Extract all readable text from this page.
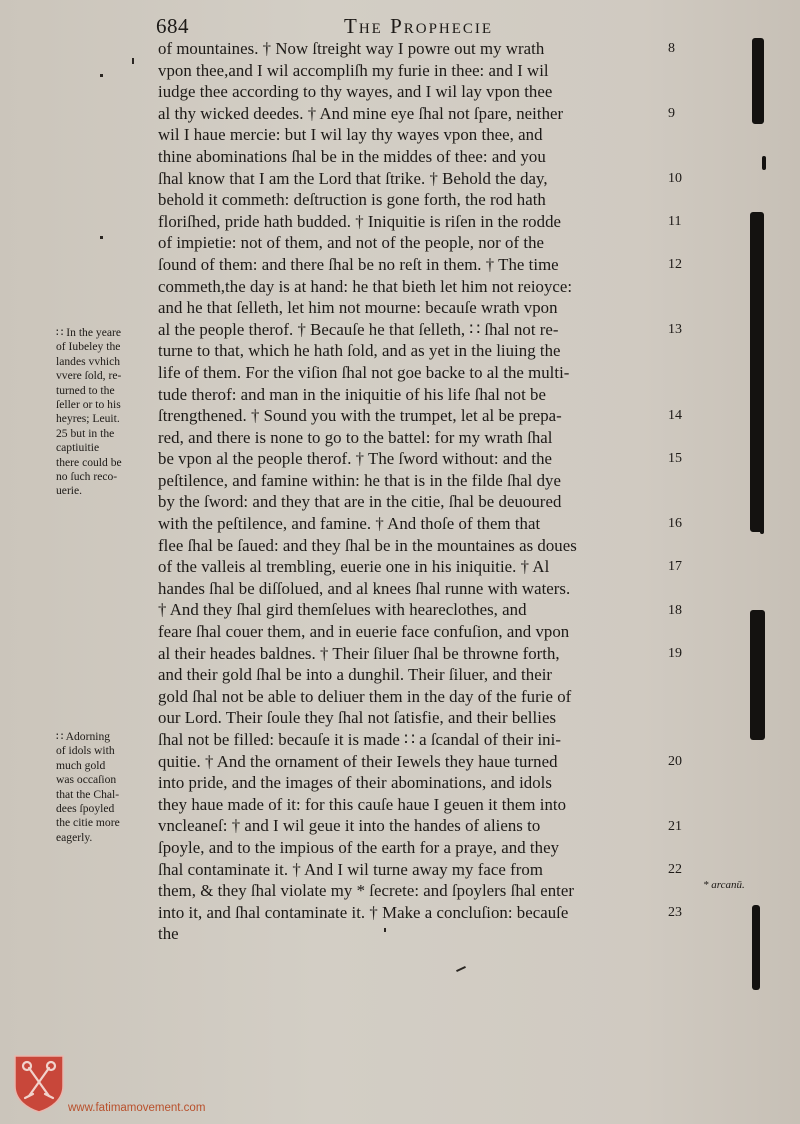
684	The Prophecie
of mountaines. † Now ſtreight way I powre out my wrath
vpon thee,and I wil accompliſh my furie in thee: and I wil
iudge thee according to thy wayes, and I wil lay vpon thee
al thy wicked deedes. † And mine eye ſhal not ſpare, neither
wil I haue mercie: but I wil lay thy wayes vpon thee, and
thine abominations ſhal be in the middes of thee: and you
ſhal know that I am the Lord that ſtrike. † Behold the day,
behold it commeth: deſtruction is gone forth, the rod hath
floriſhed, pride hath budded. † Iniquitie is riſen in the rodde
of impietie: not of them, and not of the people, nor of the
ſound of them: and there ſhal be no reſt in them. † The time
commeth,the day is at hand: he that bieth let him not reioyce:
and he that ſelleth, let him not mourne: becauſe wrath vpon
al the people therof. † Becauſe he that ſelleth, ∷ ſhal not re-
turne to that, which he hath ſold, and as yet in the liuing the
life of them. For the viſion ſhal not goe backe to al the multi-
tude therof: and man in the iniquitie of his life ſhal not be
ſtrengthened. † Sound you with the trumpet, let al be prepa-
red, and there is none to go to the battel: for my wrath ſhal
be vpon al the people therof. † The ſword without: and the
peſtilence, and famine within: he that is in the filde ſhal dye
by the ſword: and they that are in the citie, ſhal be deuoured
with the peſtilence, and famine. † And thoſe of them that
flee ſhal be ſaued: and they ſhal be in the mountaines as doues
of the valleis al trembling, euerie one in his iniquitie. † Al
handes ſhal be diſſolued, and al knees ſhal runne with waters.
† And they ſhal gird themſelues with heareclothes, and
feare ſhal couer them, and in euerie face confuſion, and vpon
al their heades baldnes. † Their ſiluer ſhal be throwne forth,
and their gold ſhal be into a dunghil. Their ſiluer, and their
gold ſhal not be able to deliuer them in the day of the furie of
our Lord. Their ſoule they ſhal not ſatisfie, and their bellies
ſhal not be filled: becauſe it is made ∷ a ſcandal of their ini-
quitie. † And the ornament of their Iewels they haue turned
into pride, and the images of their abominations, and idols
they haue made of it: for this cauſe haue I geuen it them into
vncleaneſ: † and I wil geue it into the handes of aliens to
ſpoyle, and to the impious of the earth for a praye, and they
ſhal contaminate it. † And I wil turne away my face from
them, & they ſhal violate my * ſecrete: and ſpoylers ſhal enter
into it, and ſhal contaminate it. † Make a concluſion: becauſe
the
8
9
10
11
12
13
14
15
16
17
18
19
20
21
22
23
∷ In the yeare
of Iubeley the
landes vvhich
vvere ſold, re-
turned to the
ſeller or to his
heyres; Leuit.
25 but in the
captiuitie
there could be
no ſuch reco-
uerie.
∷ Adorning
of idols with
much gold
was occaſion
that the Chal-
dees ſpoyled
the citie more
eagerly.
* arcanū.
www.fatimamovement.com
